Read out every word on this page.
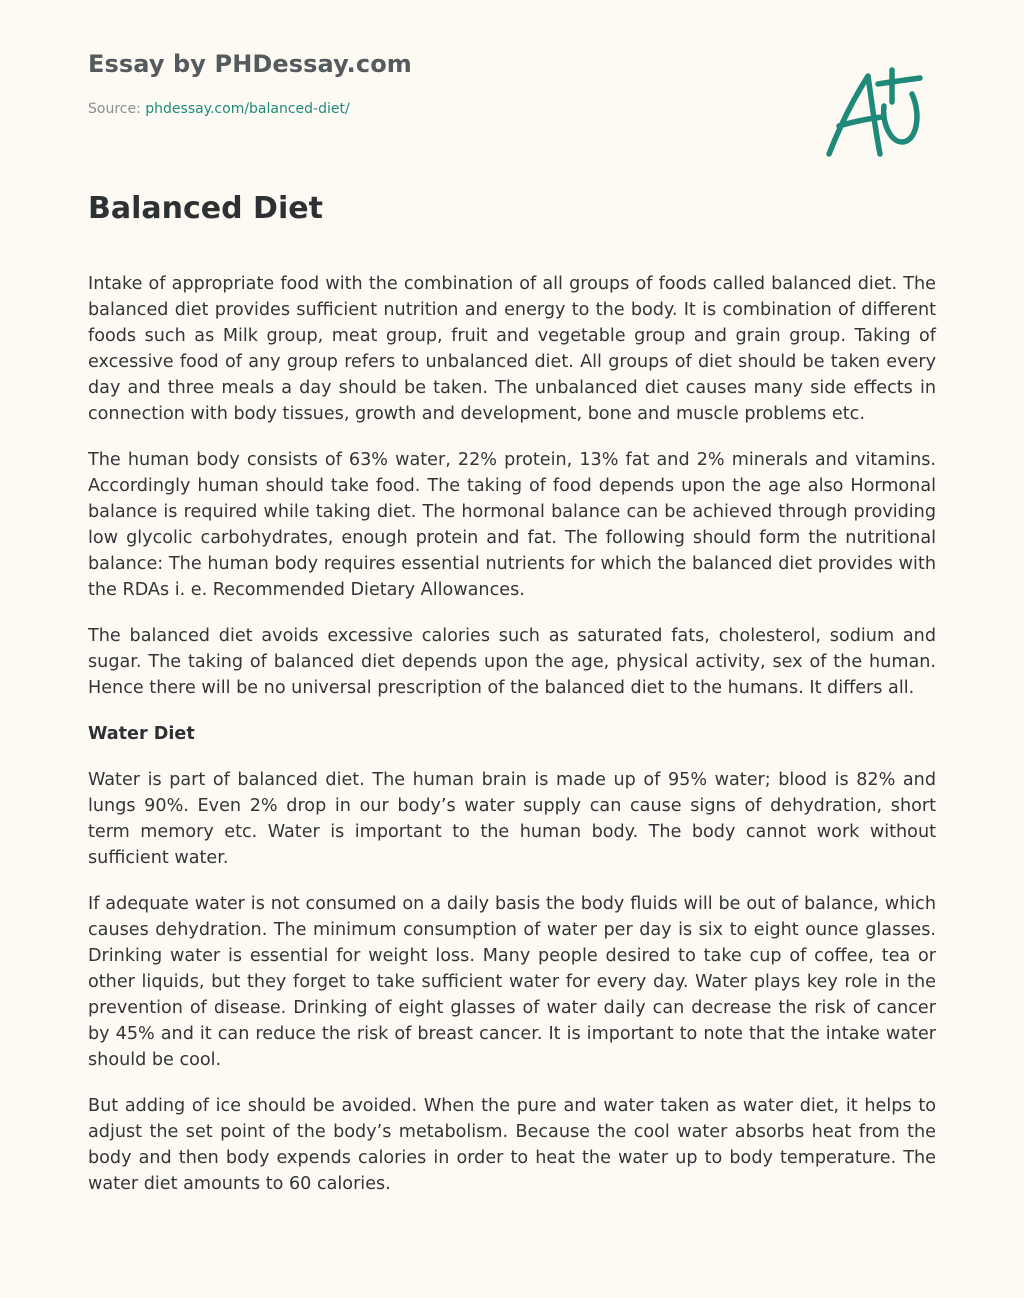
Essay by PHDessay.com
Source: phdessay.com/balanced-diet/
Balanced Diet

Intake of appropriate food with the combination of all groups of foods called balanced diet. The balanced diet provides sufficient nutrition and energy to the body. It is combination of different foods such as Milk group, meat group, fruit and vegetable group and grain group. Taking of excessive food of any group refers to unbalanced diet. All groups of diet should be taken every day and three meals a day should be taken. The unbalanced diet causes many side effects in connection with body tissues, growth and development, bone and muscle problems etc.

The human body consists of 63% water, 22% protein, 13% fat and 2% minerals and vitamins. Accordingly human should take food. The taking of food depends upon the age also Hormonal balance is required while taking diet. The hormonal balance can be achieved through providing low glycolic carbohydrates, enough protein and fat. The following should form the nutritional balance: The human body requires essential nutrients for which the balanced diet provides with the RDAs i. e. Recommended Dietary Allowances.

The balanced diet avoids excessive calories such as saturated fats, cholesterol, sodium and sugar. The taking of balanced diet depends upon the age, physical activity, sex of the human. Hence there will be no universal prescription of the balanced diet to the humans. It differs all.

Water Diet

Water is part of balanced diet. The human brain is made up of 95% water; blood is 82% and lungs 90%. Even 2% drop in our body’s water supply can cause signs of dehydration, short term memory etc. Water is important to the human body. The body cannot work without sufficient water.

If adequate water is not consumed on a daily basis the body fluids will be out of balance, which causes dehydration. The minimum consumption of water per day is six to eight ounce glasses. Drinking water is essential for weight loss. Many people desired to take cup of coffee, tea or other liquids, but they forget to take sufficient water for every day. Water plays key role in the prevention of disease. Drinking of eight glasses of water daily can decrease the risk of cancer by 45% and it can reduce the risk of breast cancer. It is important to note that the intake water should be cool.

But adding of ice should be avoided. When the pure and water taken as water diet, it helps to adjust the set point of the body’s metabolism. Because the cool water absorbs heat from the body and then body expends calories in order to heat the water up to body temperature. The water diet amounts to 60 calories.
